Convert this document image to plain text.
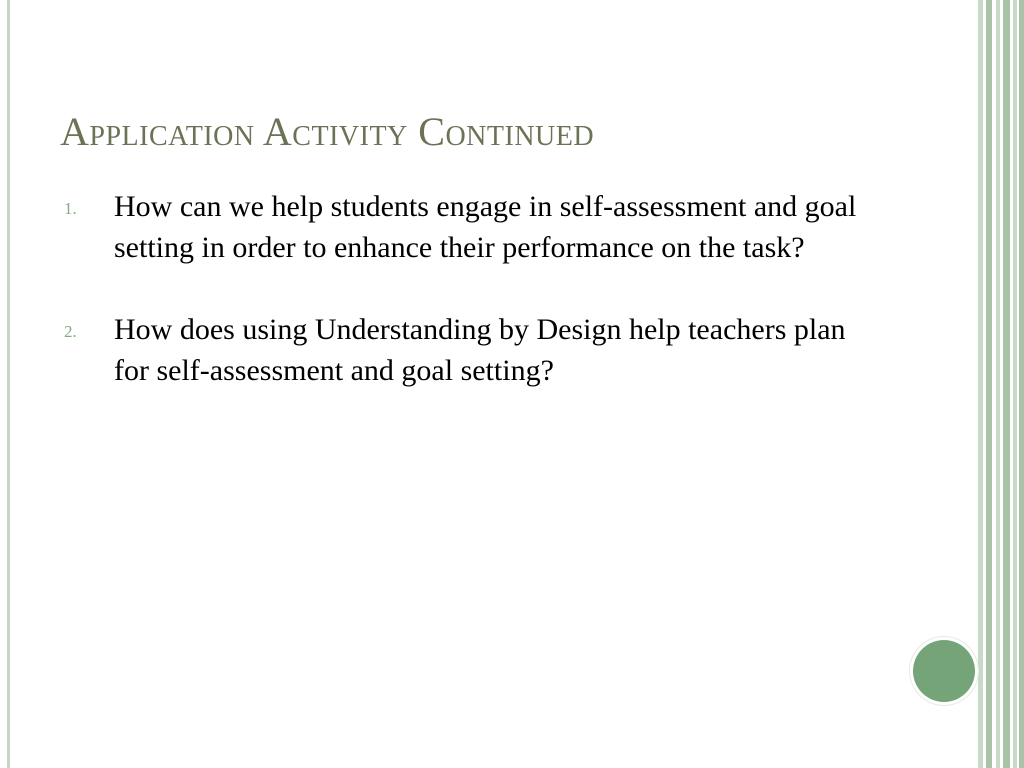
Application Activity Continued
1.	How can we help students engage in self-assessment and goal setting in order to enhance their performance on the task?
2.	How does using Understanding by Design help teachers plan for self-assessment and goal setting?
